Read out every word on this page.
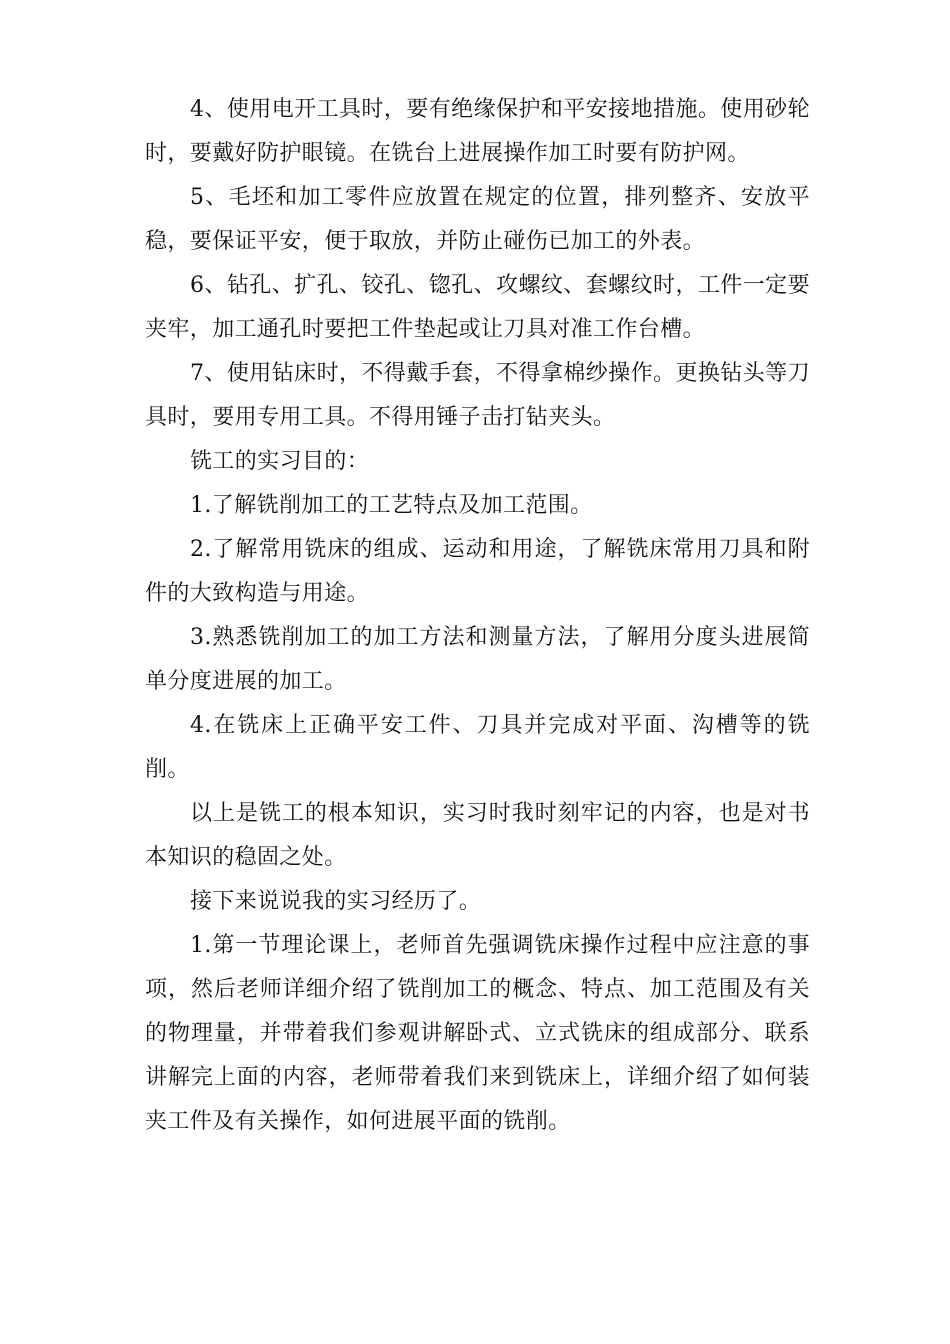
4、使用电开工具时，要有绝缘保护和平安接地措施。使用砂轮时，要戴好防护眼镜。在铣台上进展操作加工时要有防护网。

5、毛坯和加工零件应放置在规定的位置，排列整齐、安放平稳，要保证平安，便于取放，并防止碰伤已加工的外表。

6、钻孔、扩孔、铰孔、锪孔、攻螺纹、套螺纹时，工件一定要夹牢，加工通孔时要把工件垫起或让刀具对准工作台槽。

7、使用钻床时，不得戴手套，不得拿棉纱操作。更换钻头等刀具时，要用专用工具。不得用锤子击打钻夹头。

铣工的实习目的：

1.了解铣削加工的工艺特点及加工范围。

2.了解常用铣床的组成、运动和用途，了解铣床常用刀具和附件的大致构造与用途。

3.熟悉铣削加工的加工方法和测量方法，了解用分度头进展简单分度进展的加工。

4.在铣床上正确平安工件、刀具并完成对平面、沟槽等的铣削。

以上是铣工的根本知识，实习时我时刻牢记的内容，也是对书本知识的稳固之处。

接下来说说我的实习经历了。

1.第一节理论课上，老师首先强调铣床操作过程中应注意的事项，然后老师详细介绍了铣削加工的概念、特点、加工范围及有关的物理量，并带着我们参观讲解卧式、立式铣床的组成部分、联系讲解完上面的内容，老师带着我们来到铣床上，详细介绍了如何装夹工件及有关操作，如何进展平面的铣削。
